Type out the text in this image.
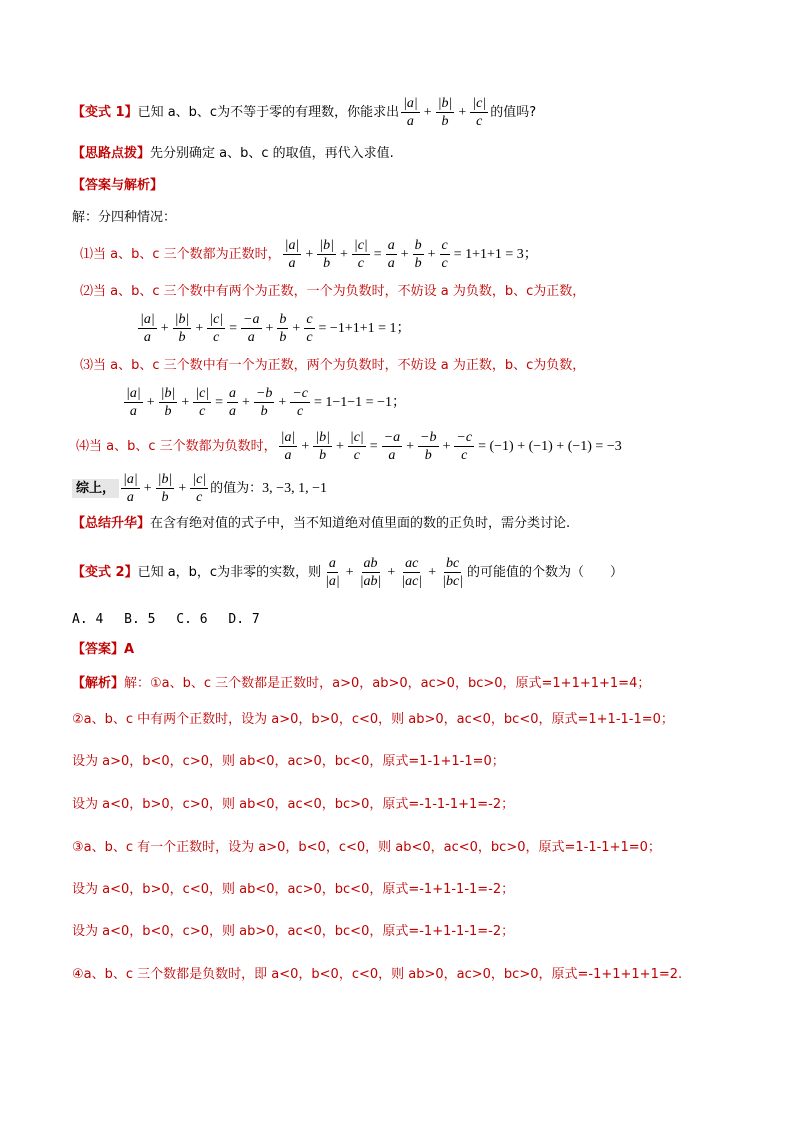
【变式 1】已知 a、b、c为不等于零的有理数，你能求出 $\frac{|a|}{a} + \frac{|b|}{b} + \frac{|c|}{c}$ 的值吗?
【思路点拨】先分别确定 a、b、c 的取值，再代入求值.
【答案与解析】
解：分四种情况：
⑴当 a、b、c 三个数都为正数时， $\frac{|a|}{a} + \frac{|b|}{b} + \frac{|c|}{c} = \frac{a}{a} + \frac{b}{b} + \frac{c}{c} = 1+1+1 = 3$；
⑵当 a、b、c 三个数中有两个为正数，一个为负数时，不妨设 a 为负数，b、c为正数，
$\frac{|a|}{a} + \frac{|b|}{b} + \frac{|c|}{c} = \frac{-a}{a} + \frac{b}{b} + \frac{c}{c} = -1+1+1 = 1$；
⑶当 a、b、c 三个数中有一个为正数，两个为负数时，不妨设 a 为正数，b、c为负数，
$\frac{|a|}{a} + \frac{|b|}{b} + \frac{|c|}{c} = \frac{a}{a} + \frac{-b}{b} + \frac{-c}{c} = 1-1-1 = -1$；
⑷当 a、b、c 三个数都为负数时， $\frac{|a|}{a} + \frac{|b|}{b} + \frac{|c|}{c} = \frac{-a}{a} + \frac{-b}{b} + \frac{-c}{c} = (-1) + (-1) + (-1) = -3$
综上， $\frac{|a|}{a} + \frac{|b|}{b} + \frac{|c|}{c}$ 的值为：3, −3, 1, −1
【总结升华】在含有绝对值的式子中，当不知道绝对值里面的数的正负时，需分类讨论.
【变式 2】已知 a，b，c为非零的实数，则 $\frac{a}{|a|} + \frac{ab}{|ab|} + \frac{ac}{|ac|} + \frac{bc}{|bc|}$ 的可能值的个数为（　　）
A. 4　 B. 5　 C. 6　 D. 7
【答案】A
【解析】解：①a、b、c 三个数都是正数时，a>0，ab>0，ac>0，bc>0，原式=1+1+1+1=4；
②a、b、c 中有两个正数时，设为 a>0，b>0，c<0，则 ab>0，ac<0，bc<0，原式=1+1-1-1=0；
设为 a>0，b<0，c>0，则 ab<0，ac>0，bc<0，原式=1-1+1-1=0；
设为 a<0，b>0，c>0，则 ab<0，ac<0，bc>0，原式=-1-1-1+1=-2；
③a、b、c 有一个正数时，设为 a>0，b<0，c<0，则 ab<0，ac<0，bc>0，原式=1-1-1+1=0；
设为 a<0，b>0，c<0，则 ab<0，ac>0，bc<0，原式=-1+1-1-1=-2；
设为 a<0，b<0，c>0，则 ab>0，ac<0，bc<0，原式=-1+1-1-1=-2；
④a、b、c 三个数都是负数时，即 a<0，b<0，c<0，则 ab>0，ac>0，bc>0，原式=-1+1+1+1=2.
